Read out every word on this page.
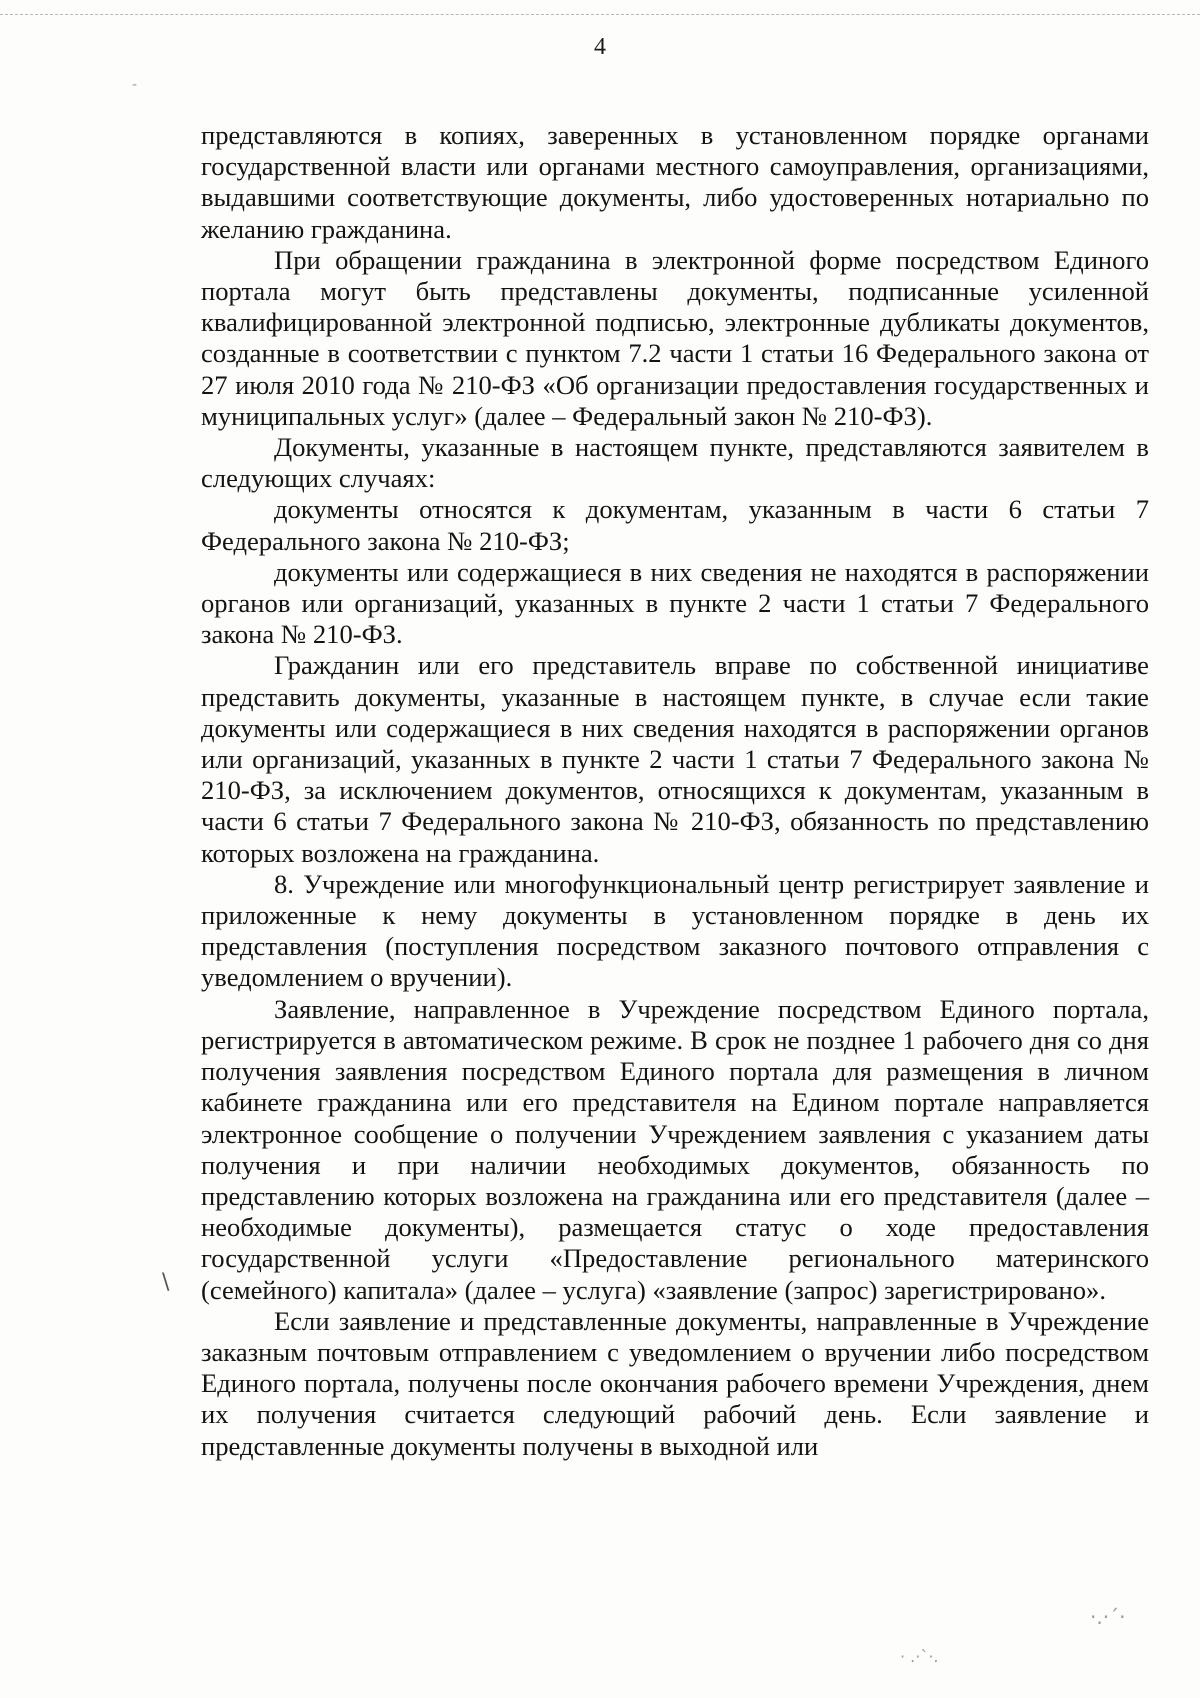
4

представляются в копиях, заверенных в установленном порядке органами государственной власти или органами местного самоуправления, организациями, выдавшими соответствующие документы, либо удостоверенных нотариально по желанию гражданина.

При обращении гражданина в электронной форме посредством Единого портала могут быть представлены документы, подписанные усиленной квалифицированной электронной подписью, электронные дубликаты документов, созданные в соответствии с пунктом 7.2 части 1 статьи 16 Федерального закона от 27 июля 2010 года № 210-ФЗ «Об организации предоставления государственных и муниципальных услуг» (далее – Федеральный закон № 210-ФЗ).

Документы, указанные в настоящем пункте, представляются заявителем в следующих случаях:

документы относятся к документам, указанным в части 6 статьи 7 Федерального закона № 210-ФЗ;

документы или содержащиеся в них сведения не находятся в распоряжении органов или организаций, указанных в пункте 2 части 1 статьи 7 Федерального закона № 210-ФЗ.

Гражданин или его представитель вправе по собственной инициативе представить документы, указанные в настоящем пункте, в случае если такие документы или содержащиеся в них сведения находятся в распоряжении органов или организаций, указанных в пункте 2 части 1 статьи 7 Федерального закона № 210-ФЗ, за исключением документов, относящихся к документам, указанным в части 6 статьи 7 Федерального закона № 210-ФЗ, обязанность по представлению которых возложена на гражданина.

8. Учреждение или многофункциональный центр регистрирует заявление и приложенные к нему документы в установленном порядке в день их представления (поступления посредством заказного почтового отправления с уведомлением о вручении).

Заявление, направленное в Учреждение посредством Единого портала, регистрируется в автоматическом режиме. В срок не позднее 1 рабочего дня со дня получения заявления посредством Единого портала для размещения в личном кабинете гражданина или его представителя на Едином портале направляется электронное сообщение о получении Учреждением заявления с указанием даты получения и при наличии необходимых документов, обязанность по представлению которых возложена на гражданина или его представителя (далее – необходимые документы), размещается статус о ходе предоставления государственной услуги «Предоставление регионального материнского (семейного) капитала» (далее – услуга) «заявление (запрос) зарегистрировано».

Если заявление и представленные документы, направленные в Учреждение заказным почтовым отправлением с уведомлением о вручении либо посредством Единого портала, получены после окончания рабочего времени Учреждения, днем их получения считается следующий рабочий день. Если заявление и представленные документы получены в выходной или

-
\
·.·´·
· .·`·.
